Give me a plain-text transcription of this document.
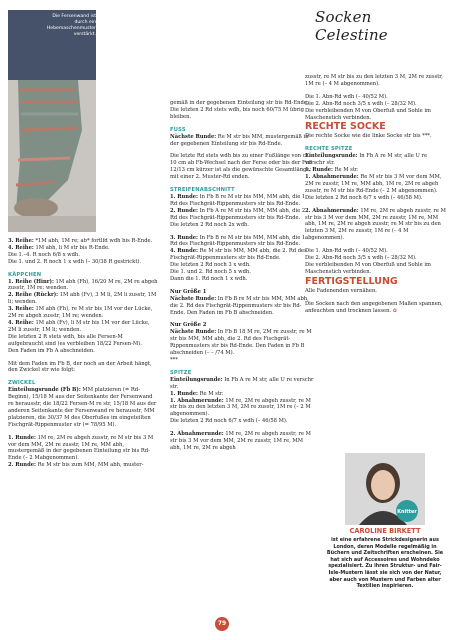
Socken Celestine
Die Fersenwand ist durch ein Hebemaschenmuster verstärkt.

3. Reihe: *1M abh, 1M re; ab* fortlfd wdh bis R-Ende.

4. Reihe: 1M abh, li M str bis R-Ende.

Die 1.–4. R noch 6/8 x wdh.

Die 1. und 2. R noch 1 x wdh (– 30/38 R gestrickt).

KÄPPCHEN

1. Reihe (Hinr): 1M abh (Fh), 16/20 M re, 2M re abgeh zusstr, 1M re; wenden.

2. Reihe (Rückr): 1M abh (Fv), 3 M li, 2M li zusstr, 1M li; wenden.

3. Reihe: 1M abh (Fh), re M str bis 1M vor der Lücke, 2M re abgeh zusstr, 1M re; wenden.

4. Reihe: 1M abh (Fv), li M str bis 1M vor der Lücke, 2M li zusstr, 1M li; wenden.

Die letzten 2 R stets wdh, bis alle Fersen-M aufgebraucht sind (es verbleiben 18/22 Fersen-M).

Den Faden im Fb A abschneiden.

Mit dem Faden im Fb B, der noch an der Arbeit hängt, den Zwickel str wie folgt:

ZWICKEL

Einteilungsrunde (Fb B): MM platzieren (= Rd-Beginn), 15/18 M aus der Seitenkante der Fersenwand re herausstr, die 18/22 Fersen-M re str, 15/18 M aus der anderen Seitenkante der Fersenwand re herausstr, MM platzieren, die 30/37 M des Oberfußes im eingeteilten Fischgrät-Rippenmuster str (= 78/95 M).

1. Runde: 1M re, 2M re abgeh zusstr, re M str bis 3 M vor dem MM, 2M re zusstr, 1M re, MM abh, mustergemäß in der gegebenen Einteilung str bis Rd-Ende (– 2 Mabgenommen).

2. Runde: Re M str bis zum MM, MM abh, muster-

gemäß in der gegebenen Einteilung str bis Rd-Ende.

Die letzten 2 Rd stets wdh, bis noch 60/75 M übrig bleiben.

FUSS

Nächste Runde: Re M str bis MM, mustergemäß in der gegebenen Einteilung str bis Rd-Ende.

Die letzte Rd stets wdh bis zu einer Fußlänge von ca. 10 cm ab Fb-Wechsel nach der Ferse oder bis der Fuß 12/13 cm kürzer ist als die gewünschte Gesamtlänge; mit einer 2. Muster-Rd enden.

STREIFENABSCHNITT

1. Runde: In Fb B re M str bis MM, MM abh, die 1. Rd des Fischgrät-Rippenmusters str bis Rd-Ende.

2. Runde: In Fb A re M str bis MM, MM abh, die 2. Rd des Fischgrät-Rippenmusters str bis Rd-Ende.

Die letzten 2 Rd noch 2x wdh.

3. Runde: In Fb B re M str bis MM, MM abh, die 1. Rd des Fischgrät-Rippenmusters str bis Rd-Ende.

4. Runde: Re M str bis MM, MM abh, die 2. Rd des Fischgrät-Rippenmusters str bis Rd-Ende.

Die letzten 2 Rd noch 3 x wdh.

Die 1. und 2. Rd noch 5 x wdh.

Dann die 1. Rd noch 1 x wdh.

Nur Größe 1

Nächste Runde: In Fb B re M str bis MM, MM abh, die 2. Rd des Fischgrät-Rippenmusters str bis Rd-Ende. Den Faden im Fb B abschneiden.

Nur Größe 2

Nächste Runde: In Fb B 18 M re, 2M re zusstr, re M str bis MM, MM abh, die 2. Rd des Fischgrät-Rippenmusters str bis Rd-Ende. Den Faden in Fb B abschneiden (– – /74 M).

***

SPITZE

Einteilungsrunde: In Fb A re M str, alle U re verschr str.

1. Runde: Re M str.

1. Abnahmerunde: 1M re, 2M re abgeh zusstr, re M str bis zu den letzten 3 M, 2M re zusstr, 1M re (– 2 M abgenommen).

Die letzten 2 Rd noch 6/7 x wdh (– 46/58 M).

2. Abnahmerunde: 1M re, 2M re abgeh zusstr, re M str bis 3 M vor dem MM, 2M re zusstr, 1M re, MM abh, 1M re, 2M re abgeh

zusstr, re M str bis zu den letzten 3 M, 2M re zusstr, 1M re (– 4 M abgenommen).

Die 1. Abn-Rd wdh (– 40/52 M).

Die 2. Abn-Rd noch 3/5 x wdh (– 28/32 M).

Die verbleibenden M von Oberfuß und Sohle im Maschenstich verbinden.

RECHTE SOCKE

Die rechte Socke wie die linke Socke str bis ***.

RECHTE SPITZE

Einteilungsrunde: In Fb A re M str, alle U re verschr str.

1. Runde: Re M str.

1. Abnahmerunde: Re M str bis 3 M vor dem MM, 2M re zusstr, 1M re, MM abh, 1M re, 2M re abgeh zusstr, re M str bis Rd-Ende (– 2 M abgenommen).

Die letzten 2 Rd noch 6/7 x wdh (– 46/58 M).

2. Abnahmerunde: 1M re, 2M re abgeh zusstr, re M str bis 3 M vor dem MM, 2M re zusstr, 1M re, MM abh, 1M re, 2M re abgeh zusstr, re M str bis zu den letzten 3 M, 2M re zusstr, 1M re (– 4 M abgenommen).

Die 1. Abn-Rd wdh (– 40/52 M).

Die 2. Abn-Rd noch 3/5 x wdh (– 28/32 M).

Die verbleibenden M von Oberfuß und Sohle im Maschenstich verbinden.

FERTIGSTELLUNG

Alle Fadenenden vernähen.

Die Socken nach den angegebenen Maßen spannen, anfeuchten und trocknen lassen. ✿

Knitter
CAROLINE BIRKETT
ist eine erfahrene Strickdesignerin aus London, deren Modelle regelmäßig in Büchern und Zeitschriften erscheinen. Sie hat sich auf Accessoires und Wohndeko spezialisiert. Zu ihren Struktur- und Fair-Isle-Mustern lässt sie sich von der Natur, aber auch von Mustern und Farben alter Textilien inspirieren.
79
